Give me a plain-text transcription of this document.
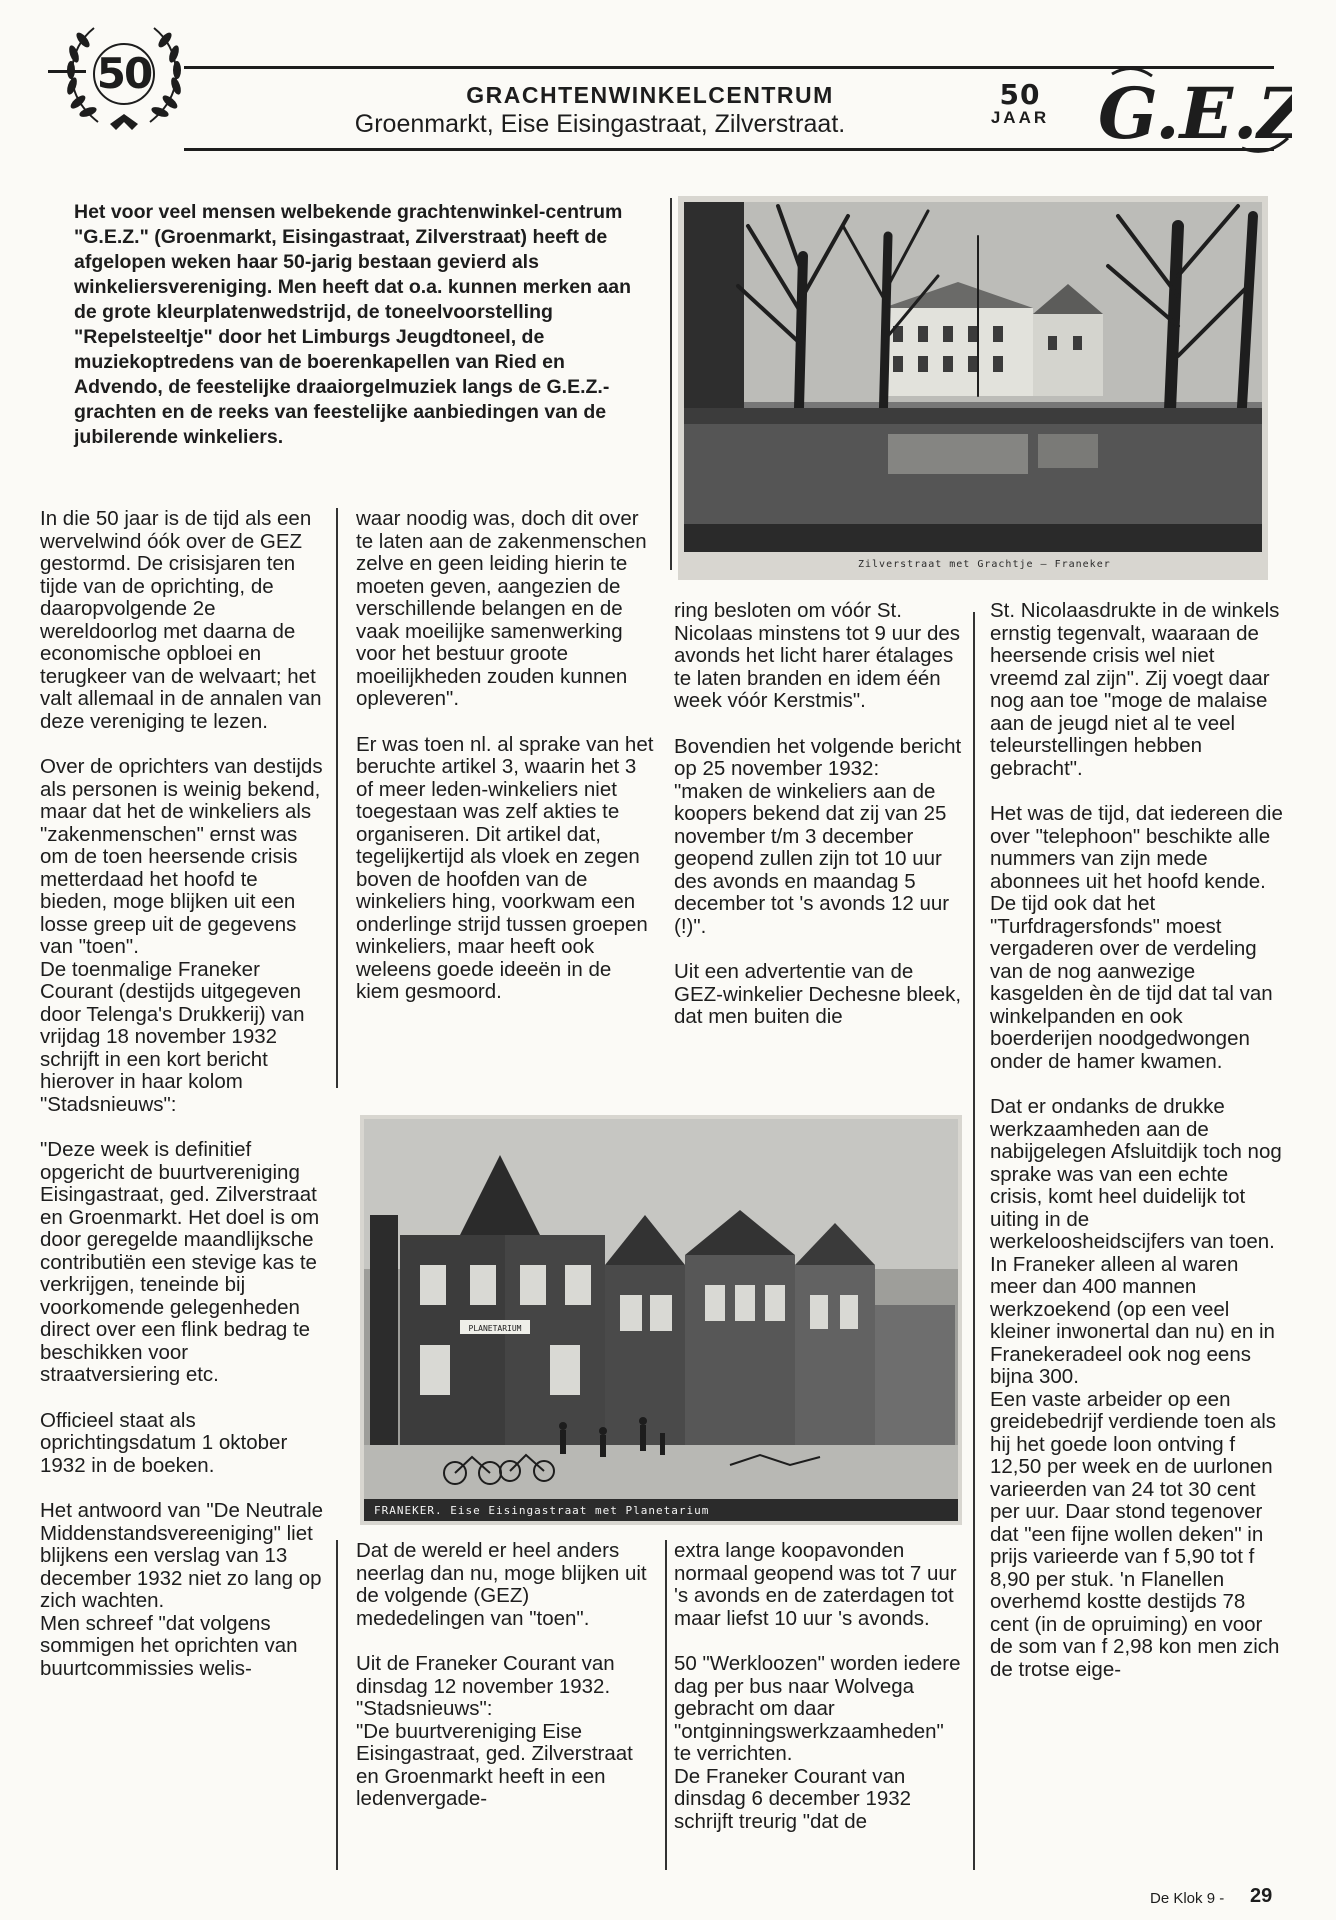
50	GRACHTENWINKELCENTRUM
Groenmarkt, Eise Eisingastraat, Zilverstraat.
50
JAAR G.E.Z

Het voor veel mensen welbekende grachtenwinkel-centrum "G.E.Z." (Groenmarkt, Eisingastraat, Zilverstraat) heeft de afgelopen weken haar 50-jarig bestaan gevierd als winkeliersvereniging. Men heeft dat o.a. kunnen merken aan de grote kleurplatenwedstrijd, de toneelvoorstelling "Repelsteeltje" door het Limburgs Jeugdtoneel, de muziekoptredens van de boerenkapellen van Ried en Advendo, de feestelijke draaiorgelmuziek langs de G.E.Z.-grachten en de reeks van feestelijke aanbiedingen van de jubilerende winkeliers.

Zilverstraat met Grachtje – Franeker

In die 50 jaar is de tijd als een wervelwind óók over de GEZ gestormd. De crisisjaren ten tijde van de oprichting, de daaropvolgende 2e wereldoorlog met daarna de economische opbloei en terugkeer van de welvaart; het valt allemaal in de annalen van deze vereniging te lezen.

Over de oprichters van destijds als personen is weinig bekend, maar dat het de winkeliers als "zakenmenschen" ernst was om de toen heersende crisis metterdaad het hoofd te bieden, moge blijken uit een losse greep uit de gegevens van "toen".

De toenmalige Franeker Courant (destijds uitgegeven door Telenga's Drukkerij) van vrijdag 18 november 1932 schrijft in een kort bericht hierover in haar kolom "Stadsnieuws":

"Deze week is definitief opgericht de buurtvereniging Eisingastraat, ged. Zilverstraat en Groenmarkt. Het doel is om door geregelde maandlijksche contributiën een stevige kas te verkrijgen, teneinde bij voorkomende gelegenheden direct over een flink bedrag te beschikken voor straatversiering etc.

Officieel staat als oprichtingsdatum 1 oktober 1932 in de boeken.

Het antwoord van "De Neutrale Middenstandsvereeniging" liet blijkens een verslag van 13 december 1932 niet zo lang op zich wachten.

Men schreef "dat volgens sommigen het oprichten van buurtcommissies welis-

waar noodig was, doch dit over te laten aan de zakenmenschen zelve en geen leiding hierin te moeten geven, aangezien de verschillende belangen en de vaak moeilijke samenwerking voor het bestuur groote moeilijkheden zouden kunnen opleveren".

Er was toen nl. al sprake van het beruchte artikel 3, waarin het 3 of meer leden-winkeliers niet toegestaan was zelf akties te organiseren. Dit artikel dat, tegelijkertijd als vloek en zegen boven de hoofden van de winkeliers hing, voorkwam een onderlinge strijd tussen groepen winkeliers, maar heeft ook weleens goede ideeën in de kiem gesmoord.

ring besloten om vóór St. Nicolaas minstens tot 9 uur des avonds het licht harer étalages te laten branden en idem één week vóór Kerstmis".

Bovendien het volgende bericht op 25 november 1932:

"maken de winkeliers aan de koopers bekend dat zij van 25 november t/m 3 december geopend zullen zijn tot 10 uur des avonds en maandag 5 december tot 's avonds 12 uur (!)".

Uit een advertentie van de GEZ-winkelier Dechesne bleek, dat men buiten die

St. Nicolaasdrukte in de winkels ernstig tegenvalt, waaraan de heersende crisis wel niet vreemd zal zijn". Zij voegt daar nog aan toe "moge de malaise aan de jeugd niet al te veel teleurstellingen hebben gebracht".

Het was de tijd, dat iedereen die over "telephoon" beschikte alle nummers van zijn mede abonnees uit het hoofd kende. De tijd ook dat het "Turfdragersfonds" moest vergaderen over de verdeling van de nog aanwezige kasgelden èn de tijd dat tal van winkelpanden en ook boerderijen noodgedwongen onder de hamer kwamen.

Dat er ondanks de drukke werkzaamheden aan de nabijgelegen Afsluitdijk toch nog sprake was van een echte crisis, komt heel duidelijk tot uiting in de werkeloosheidscijfers van toen. In Franeker alleen al waren meer dan 400 mannen werkzoekend (op een veel kleiner inwonertal dan nu) en in Franekeradeel ook nog eens bijna 300.

Een vaste arbeider op een greidebedrijf verdiende toen als hij het goede loon ontving f 12,50 per week en de uurlonen varieerden van 24 tot 30 cent per uur. Daar stond tegenover dat "een fijne wollen deken" in prijs varieerde van f 5,90 tot f 8,90 per stuk. 'n Flanellen overhemd kostte destijds 78 cent (in de opruiming) en voor de som van f 2,98 kon men zich de trotse eige-

PLANETARIUM
FRANEKER. Eise Eisingastraat met Planetarium

Dat de wereld er heel anders neerlag dan nu, moge blijken uit de volgende (GEZ) mededelingen van "toen".

Uit de Franeker Courant van dinsdag 12 november 1932.

"Stadsnieuws":

"De buurtvereniging Eise Eisingastraat, ged. Zilverstraat en Groenmarkt heeft in een ledenvergade-

extra lange koopavonden normaal geopend was tot 7 uur 's avonds en de zaterdagen tot maar liefst 10 uur 's avonds.

50 "Werkloozen" worden iedere dag per bus naar Wolvega gebracht om daar "ontginningswerkzaamheden" te verrichten.

De Franeker Courant van dinsdag 6 december 1932 schrijft treurig "dat de

De Klok 9 - 29
